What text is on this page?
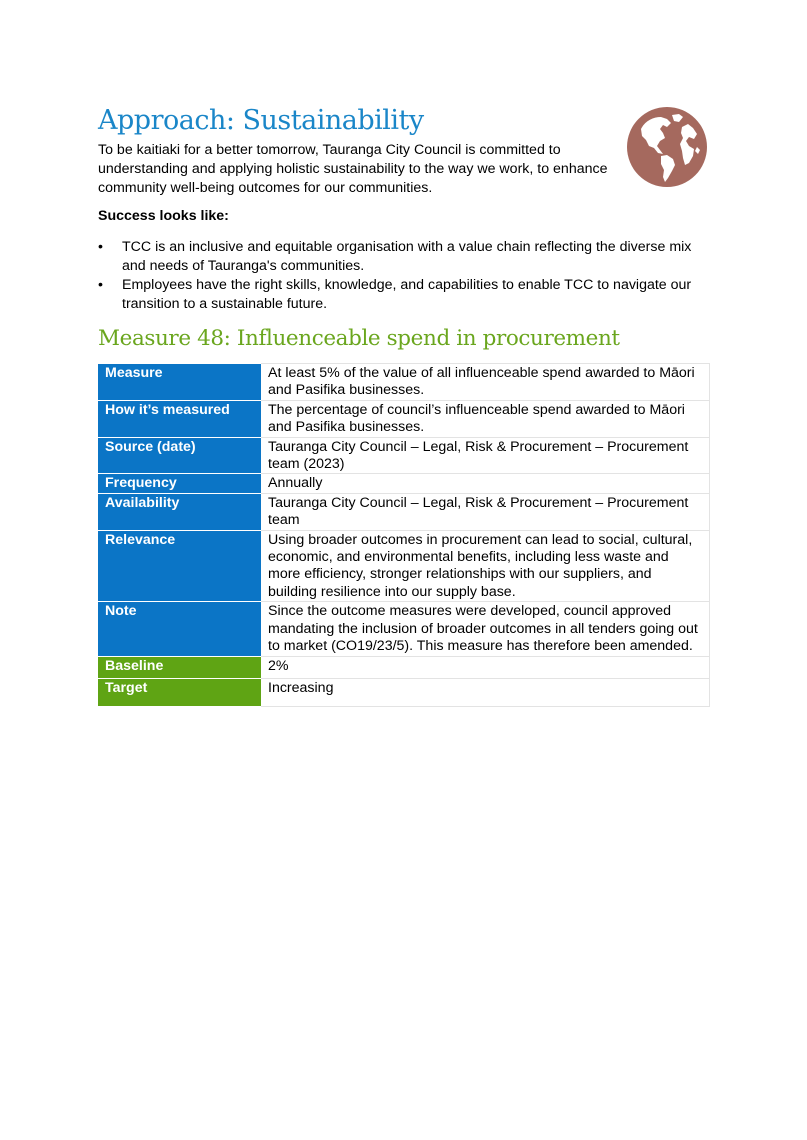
Approach: Sustainability

To be kaitiaki for a better tomorrow, Tauranga City Council is committed to understanding and applying holistic sustainability to the way we work, to enhance community well-being outcomes for our communities.

Success looks like:

•	TCC is an inclusive and equitable organisation with a value chain reflecting the diverse mix and needs of Tauranga's communities.
•	Employees have the right skills, knowledge, and capabilities to enable TCC to navigate our transition to a sustainable future.
Measure 48: Influenceable spend in procurement
Measure	At least 5% of the value of all influenceable spend awarded to Māori and Pasifika businesses.
How it’s measured	The percentage of council’s influenceable spend awarded to Māori and Pasifika businesses.
Source (date)	Tauranga City Council – Legal, Risk & Procurement – Procurement team (2023)
Frequency	Annually
Availability	Tauranga City Council – Legal, Risk & Procurement – Procurement team
Relevance	Using broader outcomes in procurement can lead to social, cultural, economic, and environmental benefits, including less waste and more efficiency, stronger relationships with our suppliers, and building resilience into our supply base.
Note	Since the outcome measures were developed, council approved mandating the inclusion of broader outcomes in all tenders going out to market (CO19/23/5). This measure has therefore been amended.
Baseline	2%
Target	Increasing
